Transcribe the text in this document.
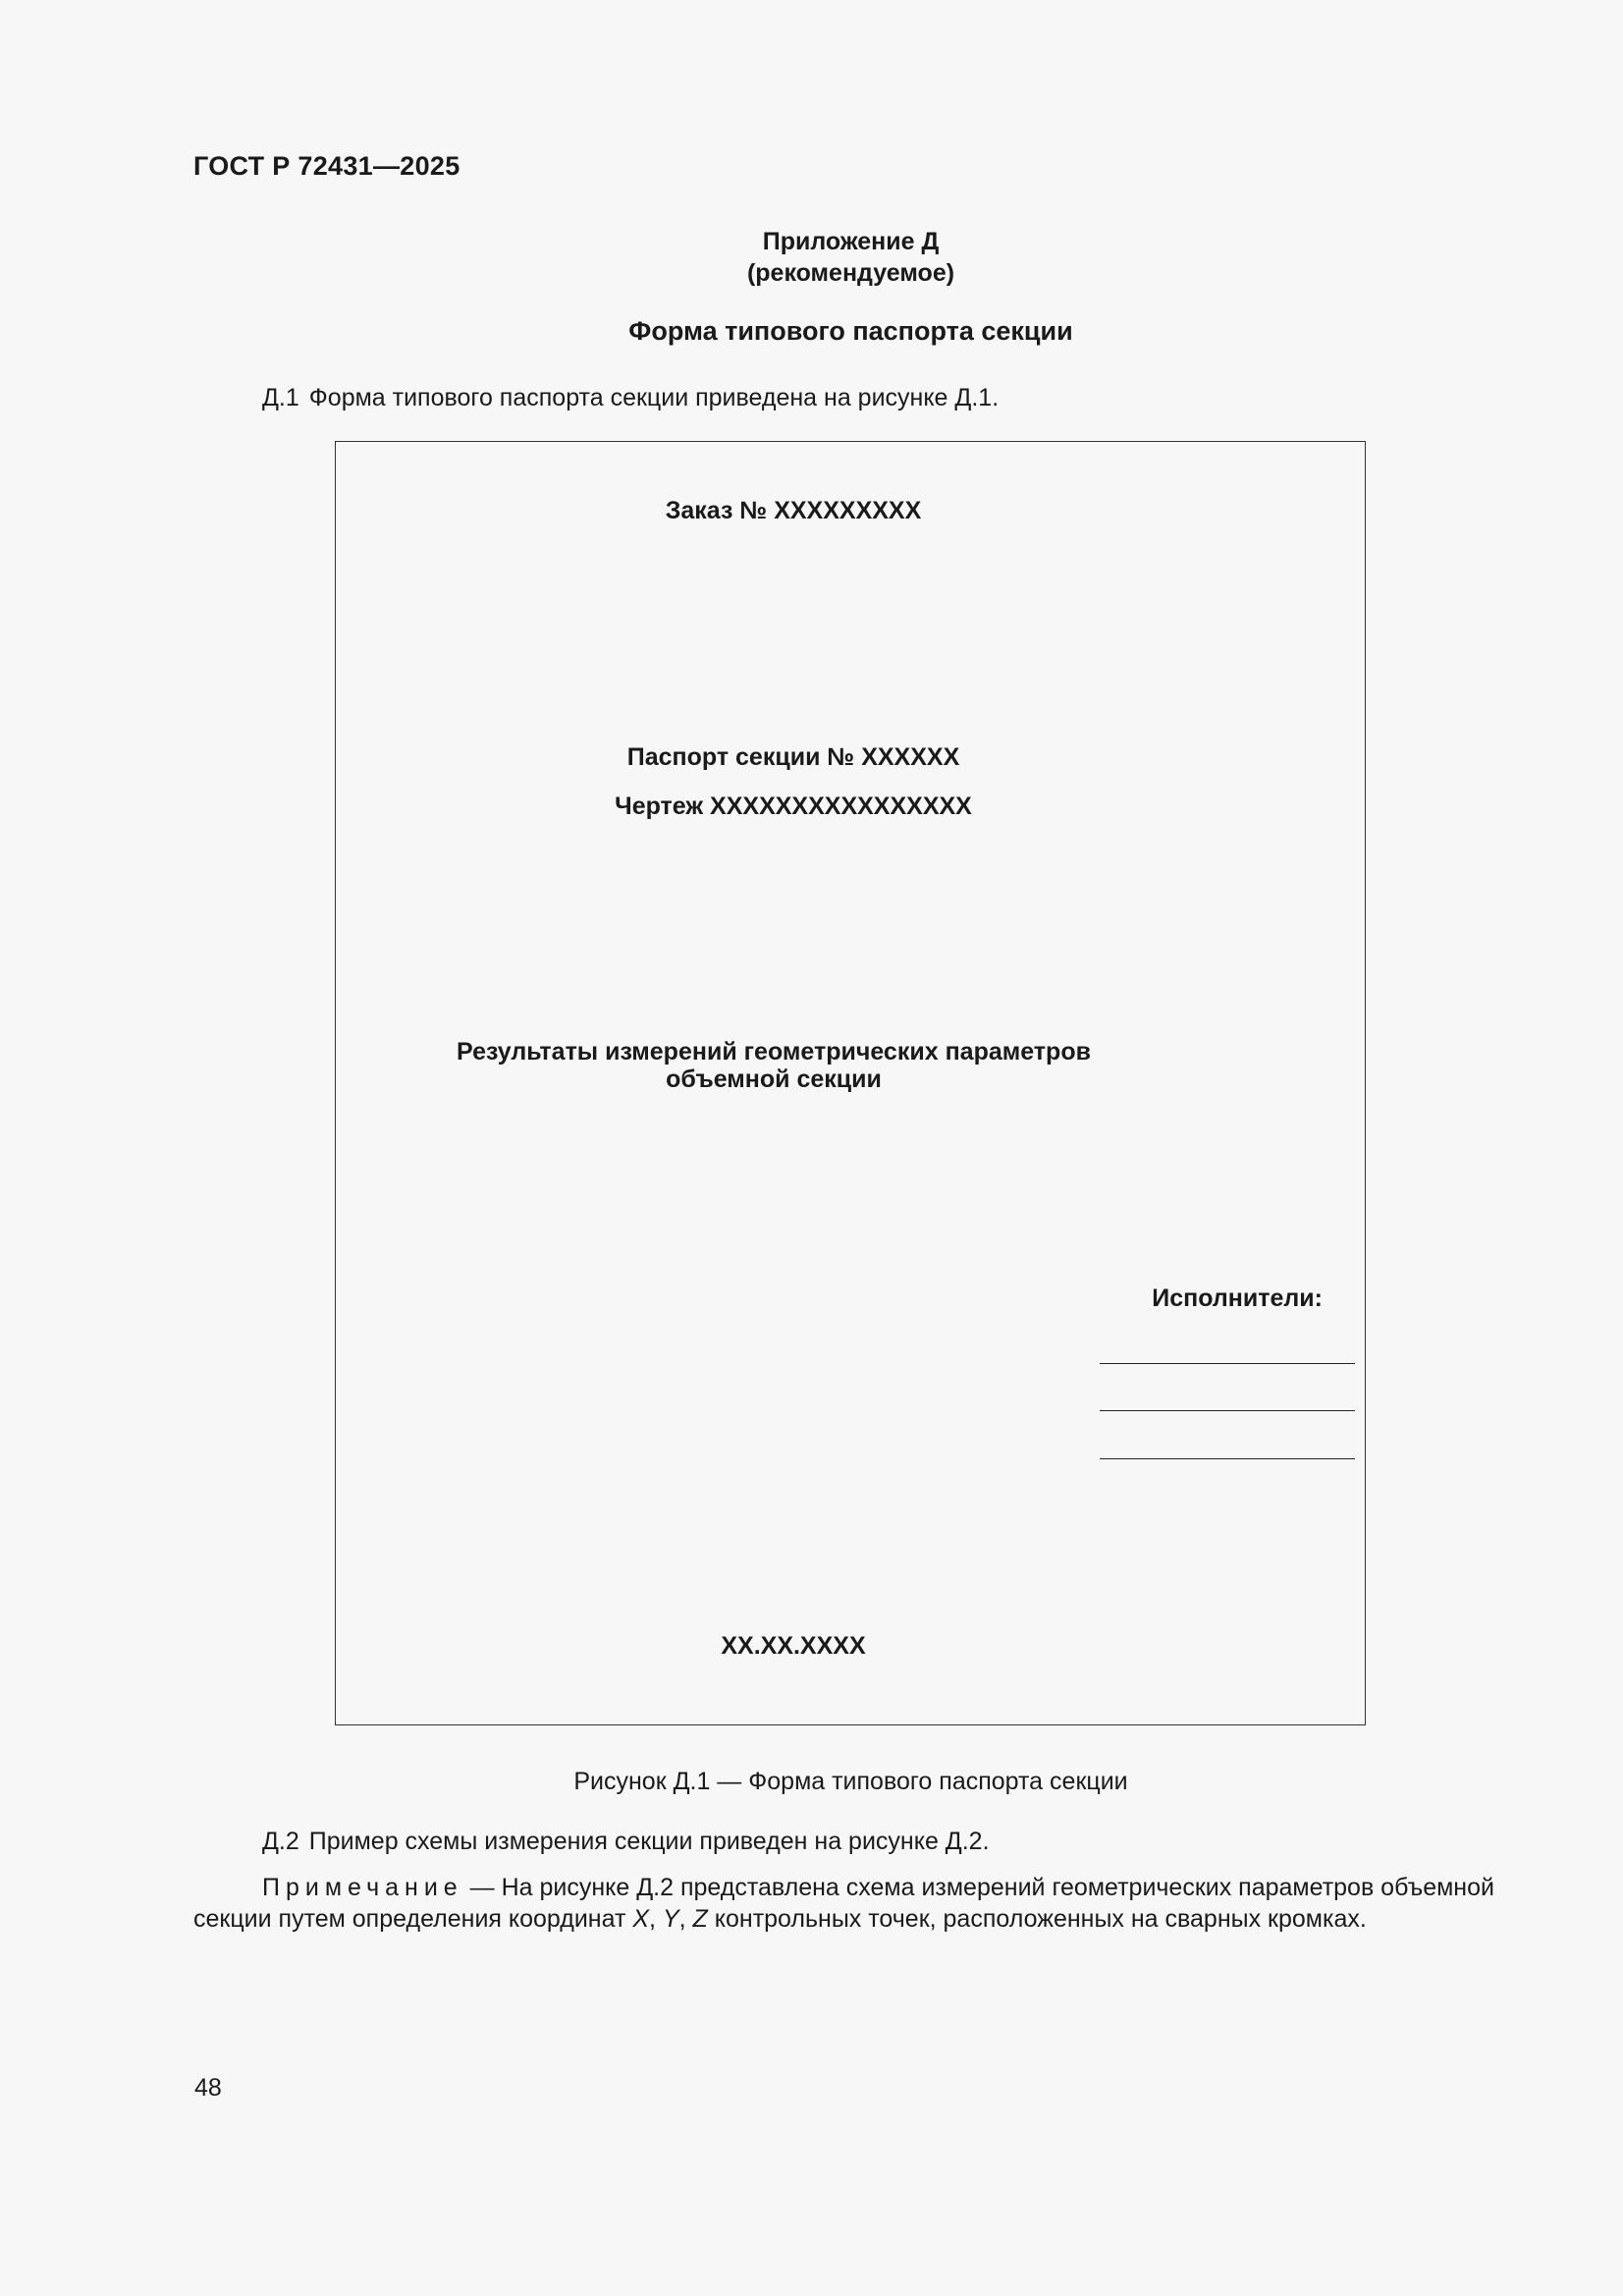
ГОСТ Р 72431—2025
Приложение Д
(рекомендуемое)
Форма типового паспорта секции
Д.1 Форма типового паспорта секции приведена на рисунке Д.1.
Заказ № XXXXXXXXX
Паспорт секции № XXXXXX
Чертеж XXXXXXXXXXXXXXXX
Результаты измерений геометрических параметров
объемной секции
Исполнители:
XX.XX.XXXX
Рисунок Д.1 — Форма типового паспорта секции
Д.2 Пример схемы измерения секции приведен на рисунке Д.2.
Примечание — На рисунке Д.2 представлена схема измерений геометрических параметров объемной
секции путем определения координат X, Y, Z контрольных точек, расположенных на сварных кромках.
48
